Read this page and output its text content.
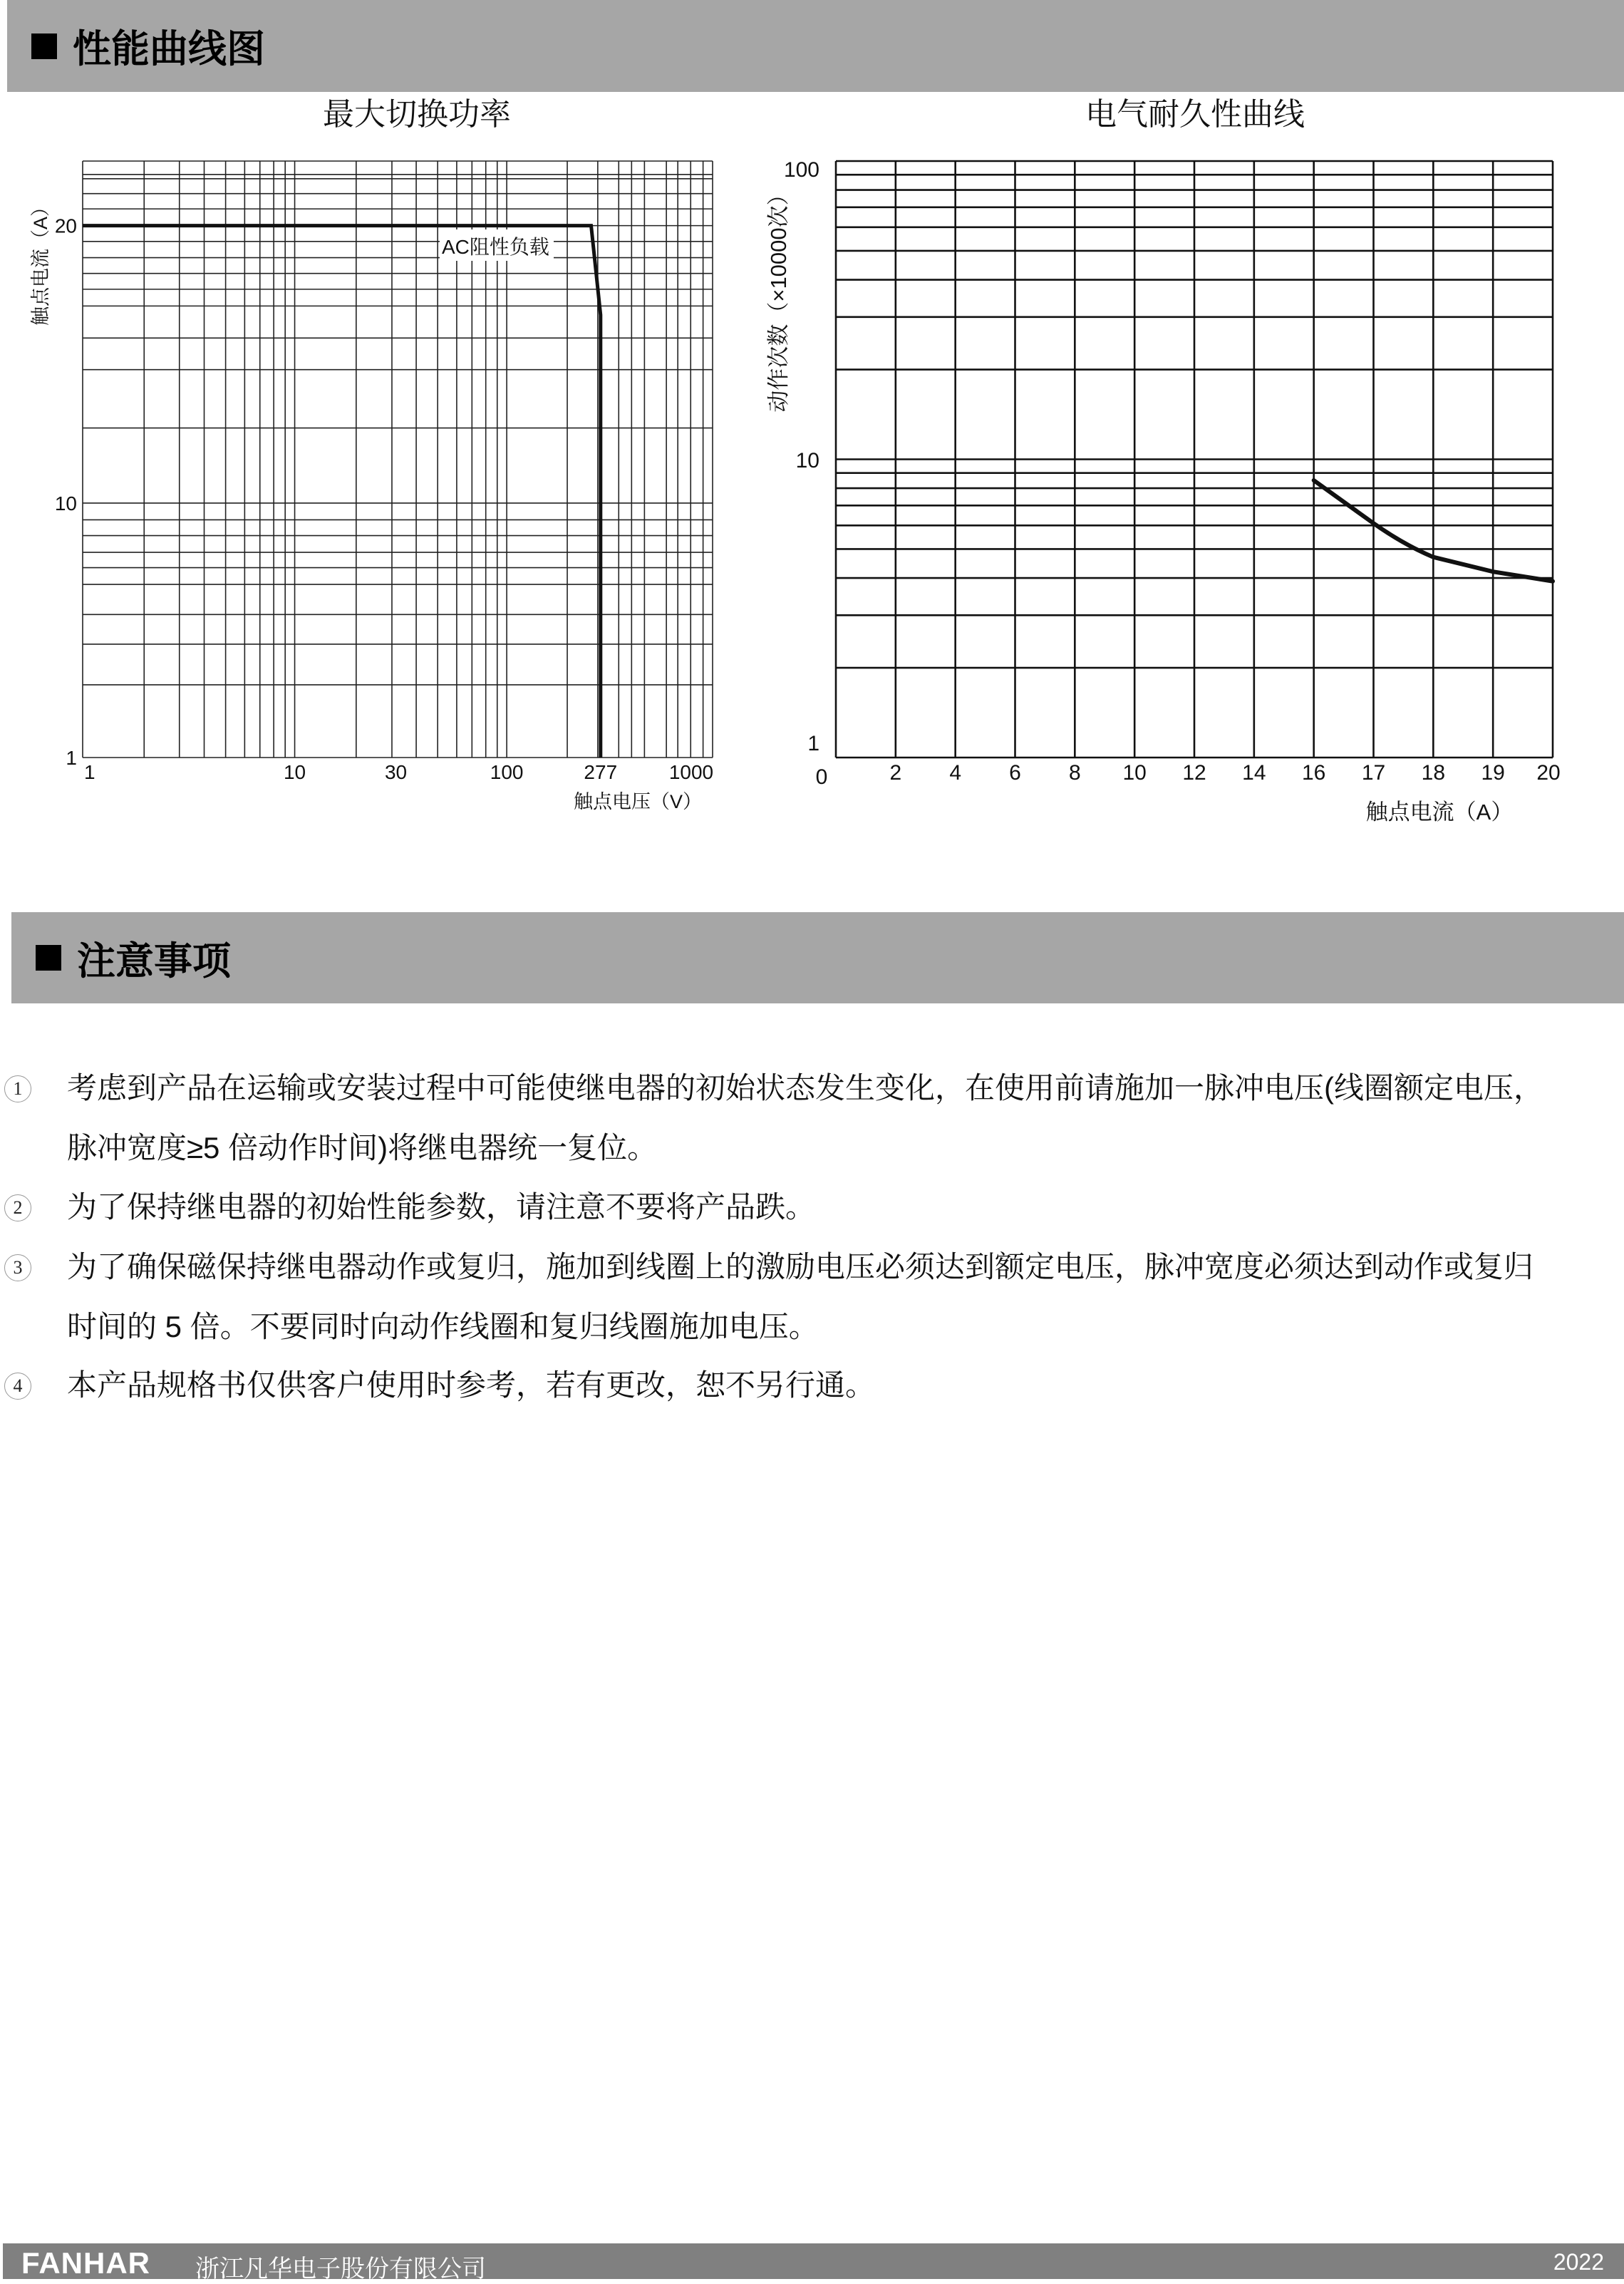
性能曲线图
最大切换功率
1	10	30	100	277	1000
20
10
1
触点电压（V）
触点电流（A）	AC阻性负载
电气耐久性曲线
0	2 4 6 8 10 12 14 16 17 18 19 20
100
10
1
触点电流（A）
动作次数（×10000次）
注意事项
1 考虑到产品在运输或安装过程中可能使继电器的初始状态发生变化，在使用前请施加一脉冲电压(线圈额定电压，脉冲宽度≥5 倍动作时间)将继电器统一复位。
2 为了保持继电器的初始性能参数，请注意不要将产品跌。
3 为了确保磁保持继电器动作或复归，施加到线圈上的激励电压必须达到额定电压，脉冲宽度必须达到动作或复归时间的 5 倍。不要同时向动作线圈和复归线圈施加电压。
4 本产品规格书仅供客户使用时参考，若有更改，恕不另行通。
FANHAR 浙江凡华电子股份有限公司	2022
